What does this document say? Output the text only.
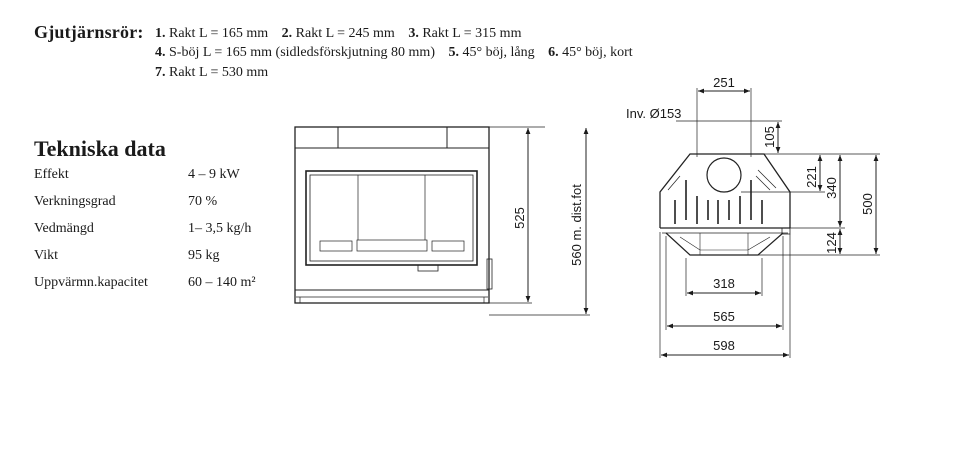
Gjutjärnsrör: 1. Rakt L = 165 mm 2. Rakt L = 245 mm 3. Rakt L = 315 mm
4. S-böj L = 165 mm (sidledsförskjutning 80 mm) 5. 45° böj, lång 6. 45° böj, kort
7. Rakt L = 530 mm
Tekniska data
Effekt	4 – 9 kW
Verkningsgrad	70 %
Vedmängd	1– 3,5 kg/h
Vikt	95 kg
Uppvärmn.kapacitet	60 – 140 m²
525	560 m. dist.fot
Inv. Ø153
251
105
221
340
500
124
318
565
598
